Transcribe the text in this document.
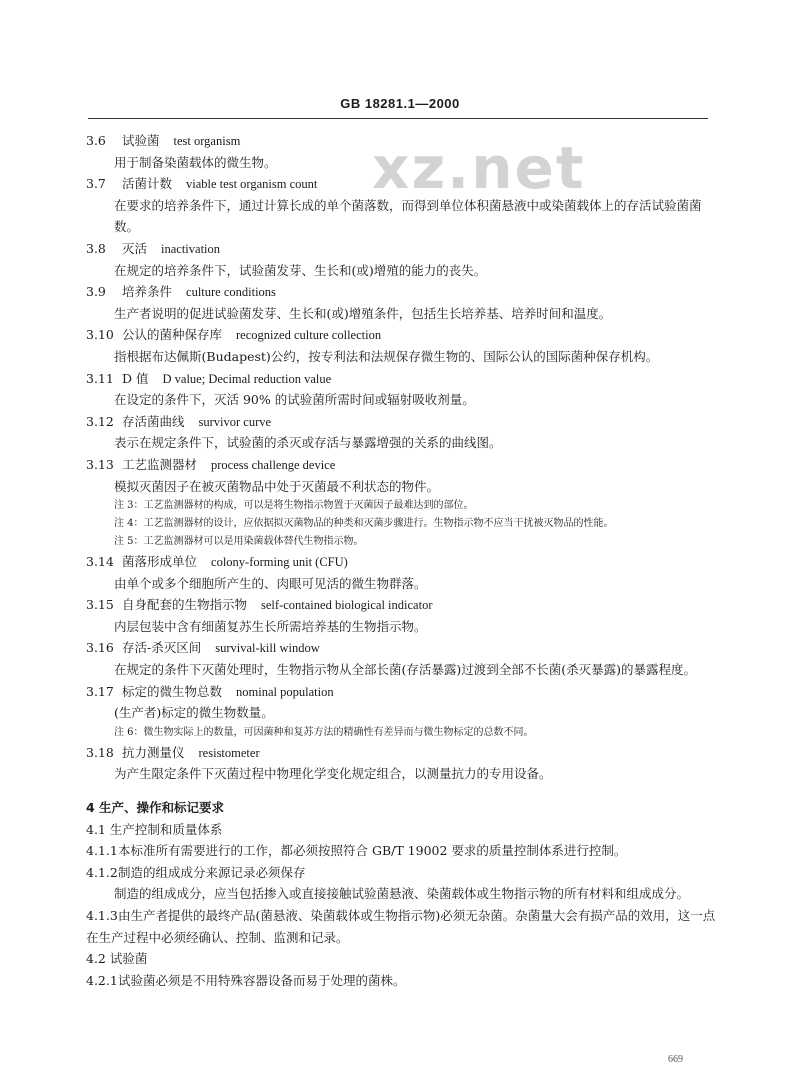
GB 18281.1—2000
xz.net
3.6 试验菌 test organism
用于制备染菌载体的微生物。
3.7 活菌计数 viable test organism count
在要求的培养条件下，通过计算长成的单个菌落数，而得到单位体积菌悬液中或染菌载体上的存活试验菌菌数。
3.8 灭活 inactivation
在规定的培养条件下，试验菌发芽、生长和(或)增殖的能力的丧失。
3.9 培养条件 culture conditions
生产者说明的促进试验菌发芽、生长和(或)增殖条件，包括生长培养基、培养时间和温度。
3.10 公认的菌种保存库 recognized culture collection
指根据布达佩斯(Budapest)公约，按专利法和法规保存微生物的、国际公认的国际菌种保存机构。
3.11 D 值 D value; Decimal reduction value
在设定的条件下，灭活 90% 的试验菌所需时间或辐射吸收剂量。
3.12 存活菌曲线 survivor curve
表示在规定条件下，试验菌的杀灭或存活与暴露增强的关系的曲线图。
3.13 工艺监测器材 process challenge device
模拟灭菌因子在被灭菌物品中处于灭菌最不利状态的物件。
注 3：工艺监测器材的构成，可以是将生物指示物置于灭菌因子最难达到的部位。
注 4：工艺监测器材的设计，应依据拟灭菌物品的种类和灭菌步骤进行。生物指示物不应当干扰被灭物品的性能。
注 5：工艺监测器材可以是用染菌载体替代生物指示物。
3.14 菌落形成单位 colony-forming unit (CFU)
由单个或多个细胞所产生的、肉眼可见活的微生物群落。
3.15 自身配套的生物指示物 self-contained biological indicator
内层包装中含有细菌复苏生长所需培养基的生物指示物。
3.16 存活-杀灭区间 survival-kill window
在规定的条件下灭菌处理时，生物指示物从全部长菌(存活暴露)过渡到全部不长菌(杀灭暴露)的暴露程度。
3.17 标定的微生物总数 nominal population
(生产者)标定的微生物数量。
注 6：微生物实际上的数量，可因菌种和复苏方法的精确性有差异而与微生物标定的总数不同。
3.18 抗力测量仪 resistometer
为产生限定条件下灭菌过程中物理化学变化规定组合，以测量抗力的专用设备。
4 生产、操作和标记要求
4.1 生产控制和质量体系
4.1.1本标准所有需要进行的工作，都必须按照符合 GB/T 19002 要求的质量控制体系进行控制。
4.1.2制造的组成成分来源记录必须保存
制造的组成成分，应当包括掺入或直接接触试验菌悬液、染菌载体或生物指示物的所有材料和组成成分。
4.1.3由生产者提供的最终产品(菌悬液、染菌载体或生物指示物)必须无杂菌。杂菌量大会有损产品的效用，这一点在生产过程中必须经确认、控制、监测和记录。
4.2 试验菌
4.2.1试验菌必须是不用特殊容器设备而易于处理的菌株。
669
